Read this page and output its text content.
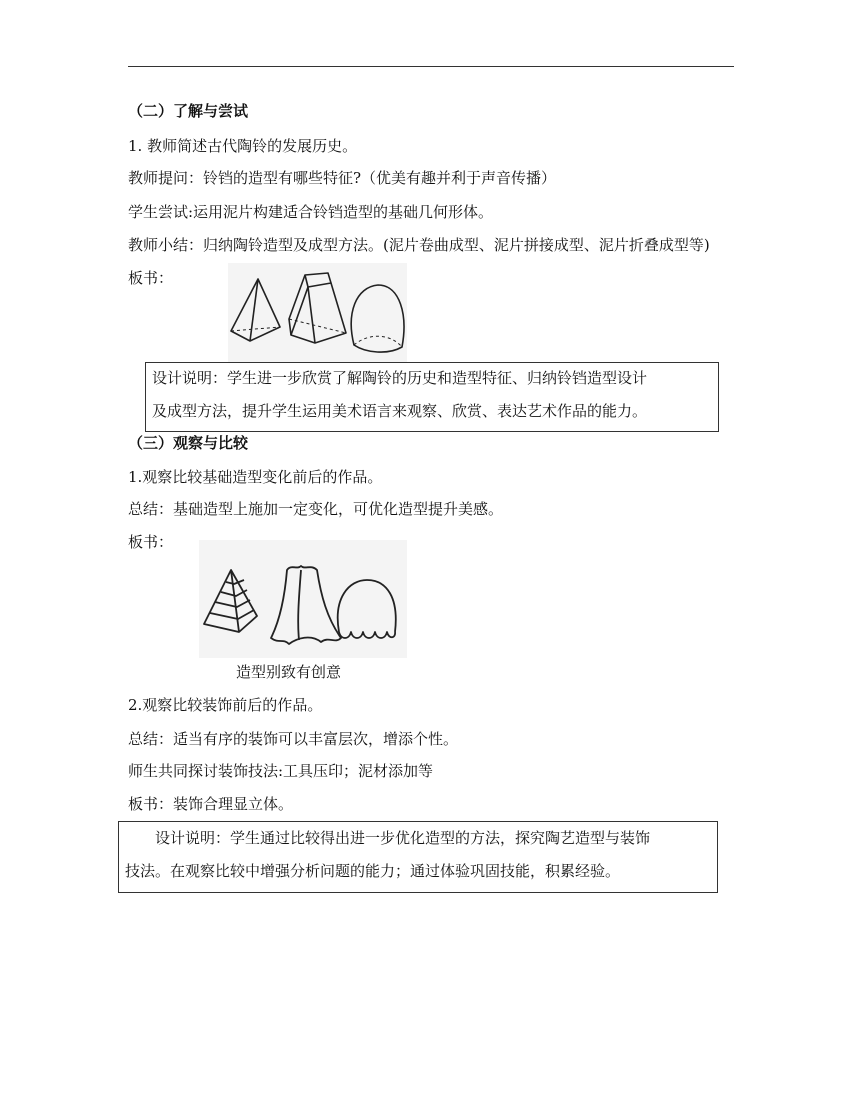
（二）了解与尝试
1. 教师简述古代陶铃的发展历史。
教师提问：铃铛的造型有哪些特征?（优美有趣并利于声音传播）
学生尝试:运用泥片构建适合铃铛造型的基础几何形体。
教师小结：归纳陶铃造型及成型方法。(泥片卷曲成型、泥片拼接成型、泥片折叠成型等)
板书：
设计说明：学生进一步欣赏了解陶铃的历史和造型特征、归纳铃铛造型设计
及成型方法，提升学生运用美术语言来观察、欣赏、表达艺术作品的能力。
（三）观察与比较
1.观察比较基础造型变化前后的作品。
总结：基础造型上施加一定变化，可优化造型提升美感。
板书：
造型别致有创意
2.观察比较装饰前后的作品。
总结：适当有序的装饰可以丰富层次，增添个性。
师生共同探讨装饰技法:工具压印；泥材添加等
板书：装饰合理显立体。
设计说明：学生通过比较得出进一步优化造型的方法，探究陶艺造型与装饰
技法。在观察比较中增强分析问题的能力；通过体验巩固技能，积累经验。
